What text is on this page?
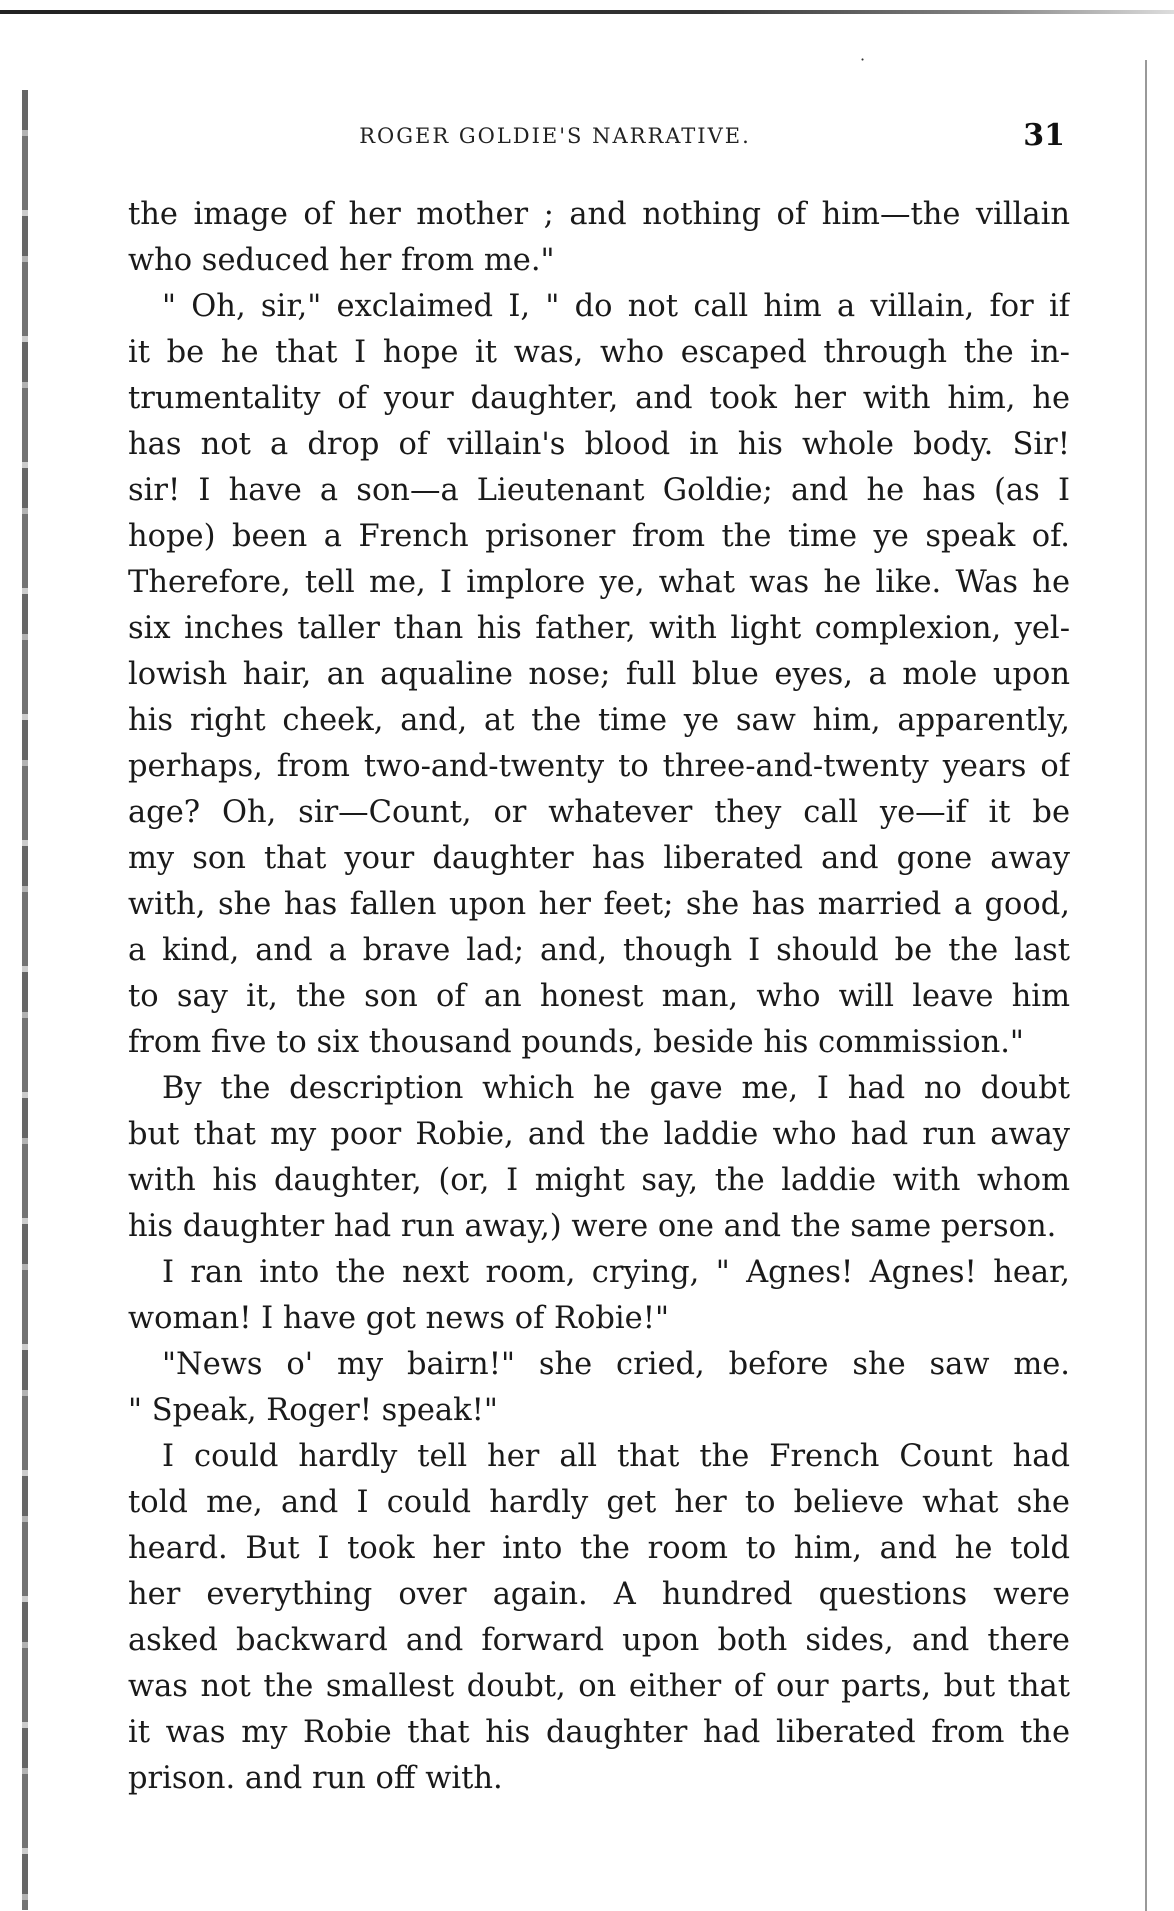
·
ROGER GOLDIE'S NARRATIVE.	31
the image of her mother ; and nothing of him—the villain
who seduced her from me."
" Oh, sir," exclaimed I, " do not call him a villain, for if
it be he that I hope it was, who escaped through the in-
trumentality of your daughter, and took her with him, he
has not a drop of villain's blood in his whole body. Sir!
sir! I have a son—a Lieutenant Goldie; and he has (as I
hope) been a French prisoner from the time ye speak of.
Therefore, tell me, I implore ye, what was he like. Was he
six inches taller than his father, with light complexion, yel-
lowish hair, an aqualine nose; full blue eyes, a mole upon
his right cheek, and, at the time ye saw him, apparently,
perhaps, from two-and-twenty to three-and-twenty years of
age? Oh, sir—Count, or whatever they call ye—if it be
my son that your daughter has liberated and gone away
with, she has fallen upon her feet; she has married a good,
a kind, and a brave lad; and, though I should be the last
to say it, the son of an honest man, who will leave him
from five to six thousand pounds, beside his commission."
By the description which he gave me, I had no doubt
but that my poor Robie, and the laddie who had run away
with his daughter, (or, I might say, the laddie with whom
his daughter had run away,) were one and the same person.
I ran into the next room, crying, " Agnes! Agnes! hear,
woman! I have got news of Robie!"
"News o' my bairn!" she cried, before she saw me.
" Speak, Roger! speak!"
I could hardly tell her all that the French Count had
told me, and I could hardly get her to believe what she
heard. But I took her into the room to him, and he told
her everything over again. A hundred questions were
asked backward and forward upon both sides, and there
was not the smallest doubt, on either of our parts, but that
it was my Robie that his daughter had liberated from the
prison. and run off with.
